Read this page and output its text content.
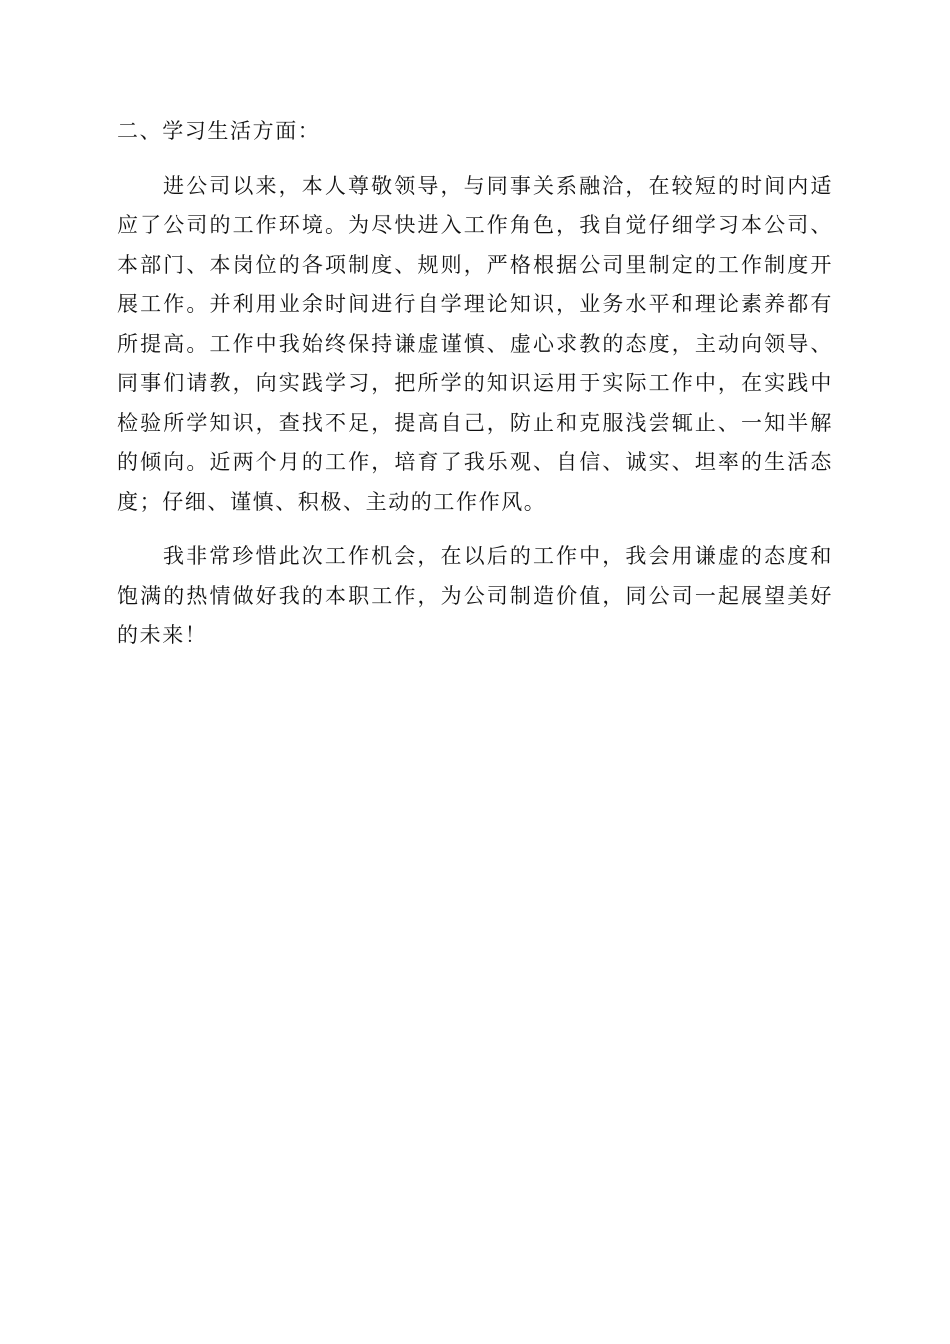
二、学习生活方面：

进公司以来，本人尊敬领导，与同事关系融洽，在较短的时间内适应了公司的工作环境。为尽快进入工作角色，我自觉仔细学习本公司、本部门、本岗位的各项制度、规则，严格根据公司里制定的工作制度开展工作。并利用业余时间进行自学理论知识，业务水平和理论素养都有所提高。工作中我始终保持谦虚谨慎、虚心求教的态度，主动向领导、同事们请教，向实践学习，把所学的知识运用于实际工作中，在实践中检验所学知识，查找不足，提高自己，防止和克服浅尝辄止、一知半解的倾向。近两个月的工作，培育了我乐观、自信、诚实、坦率的生活态度；仔细、谨慎、积极、主动的工作作风。

我非常珍惜此次工作机会，在以后的工作中，我会用谦虚的态度和饱满的热情做好我的本职工作，为公司制造价值，同公司一起展望美好的未来！
